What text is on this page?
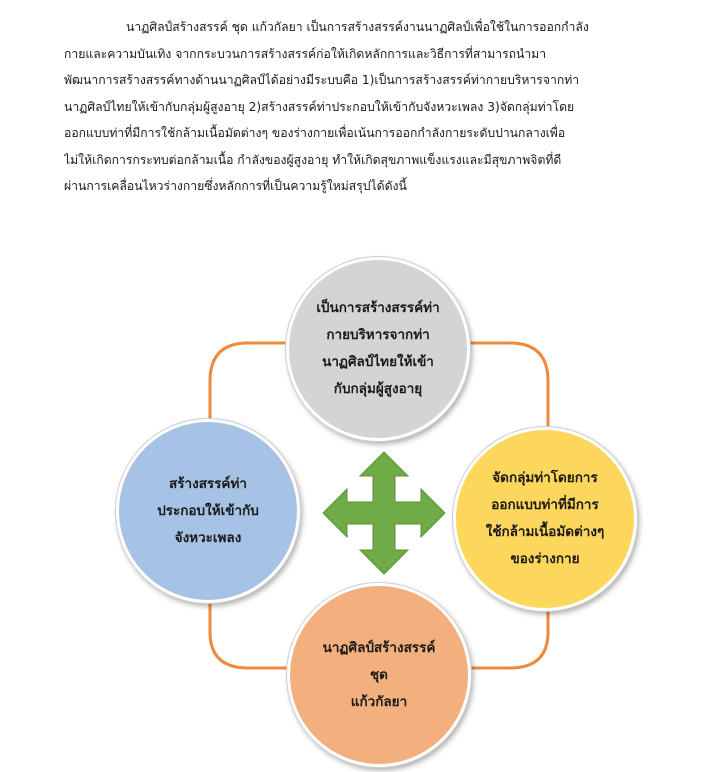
นาฏศิลป์สร้างสรรค์ ชุด แก้วกัลยา เป็นการสร้างสรรค์งานนาฏศิลป์เพื่อใช้ในการออกกำลัง
กายและความบันเทิง จากกระบวนการสร้างสรรค์ก่อให้เกิดหลักการและวิธีการที่สามารถนำมา
พัฒนาการสร้างสรรค์ทางด้านนาฏศิลป์ได้อย่างมีระบบคือ 1)เป็นการสร้างสรรค์ท่ากายบริหารจากท่า
นาฏศิลป์ไทยให้เข้ากับกลุ่มผู้สูงอายุ 2)สร้างสรรค์ท่าประกอบให้เข้ากับจังหวะเพลง 3)จัดกลุ่มท่าโดย
ออกแบบท่าที่มีการใช้กล้ามเนื้อมัดต่างๆ ของร่างกายเพื่อเน้นการออกกำลังกายระดับปานกลางเพื่อ
ไม่ให้เกิดการกระทบต่อกล้ามเนื้อ กำลังของผู้สูงอายุ ทำให้เกิดสุขภาพแข็งแรงและมีสุขภาพจิตที่ดี
ผ่านการเคลื่อนไหวร่างกายซึ่งหลักการที่เป็นความรู้ใหม่สรุปได้ดังนี้

เป็นการสร้างสรรค์ท่า
กายบริหารจากท่า
นาฏศิลป์ไทยให้เข้า
กับกลุ่มผู้สูงอายุ
สร้างสรรค์ท่า
ประกอบให้เข้ากับ
จังหวะเพลง
จัดกลุ่มท่าโดยการ
ออกแบบท่าที่มีการ
ใช้กล้ามเนื้อมัดต่างๆ
ของร่างกาย
นาฏศิลป์สร้างสรรค์
ชุด
แก้วกัลยา
